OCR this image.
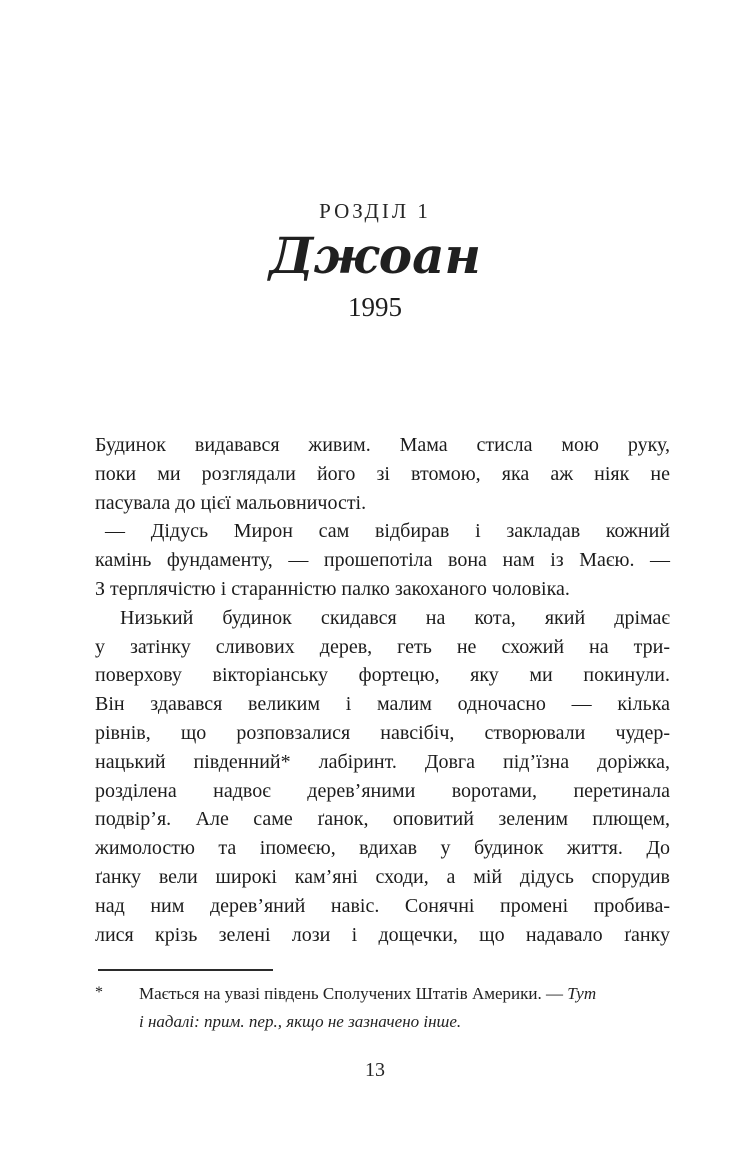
РОЗДІЛ 1
Джоан
1995
Будинок видавався живим. Мама стисла мою руку,
поки ми розглядали його зі втомою, яка аж ніяк не
пасувала до цієї мальовничості.
— Дідусь Мирон сам відбирав і закладав кожний
камінь фундаменту, — прошепотіла вона нам із Маєю. —
З терплячістю і старанністю палко закоханого чоловіка.
Низький будинок скидався на кота, який дрімає
у затінку сливових дерев, геть не схожий на три-
поверхову вікторіанську фортецю, яку ми покинули.
Він здавався великим і малим одночасно — кілька
рівнів, що розповзалися навсібіч, створювали чудер-
нацький південний* лабіринт. Довга під’їзна доріжка,
розділена надвоє дерев’яними воротами, перетинала
подвір’я. Але саме ґанок, оповитий зеленим плющем,
жимолостю та іпомеєю, вдихав у будинок життя. До
ґанку вели широкі кам’яні сходи, а мій дідусь спорудив
над ним дерев’яний навіс. Сонячні промені пробива-
лися крізь зелені лози і дощечки, що надавало ґанку
*	Мається на увазі південь Сполучених Штатів Америки. — Тут
і надалі: прим. пер., якщо не зазначено інше.
13
